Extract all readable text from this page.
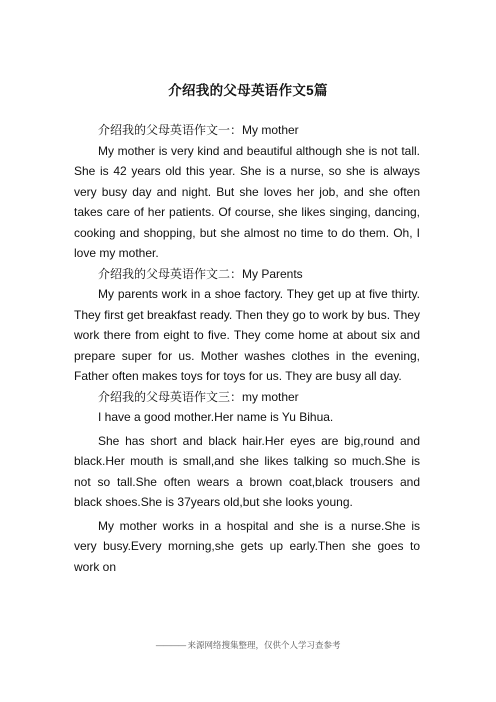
介绍我的父母英语作文5篇

介绍我的父母英语作文一：My mother

My mother is very kind and beautiful although she is not tall. She is 42 years old this year. She is a nurse, so she is always very busy day and night. But she loves her job, and she often takes care of her patients. Of course, she likes singing, dancing, cooking and shopping, but she almost no time to do them. Oh, I love my mother.

介绍我的父母英语作文二：My Parents

My parents work in a shoe factory. They get up at five thirty. They first get breakfast ready. Then they go to work by bus. They work there from eight to five. They come home at about six and prepare super for us. Mother washes clothes in the evening, Father often makes toys for toys for us. They are busy all day.

介绍我的父母英语作文三：my mother

I have a good mother.Her name is Yu Bihua.

She has short and black hair.Her eyes are big,round and black.Her mouth is small,and she likes talking so much.She is not so tall.She often wears a brown coat,black trousers and black shoes.She is 37years old,but she looks young.

My mother works in a hospital and she is a nurse.She is very busy.Every morning,she gets up early.Then she goes to work on

———— 来源网络搜集整理，仅供个人学习查参考
